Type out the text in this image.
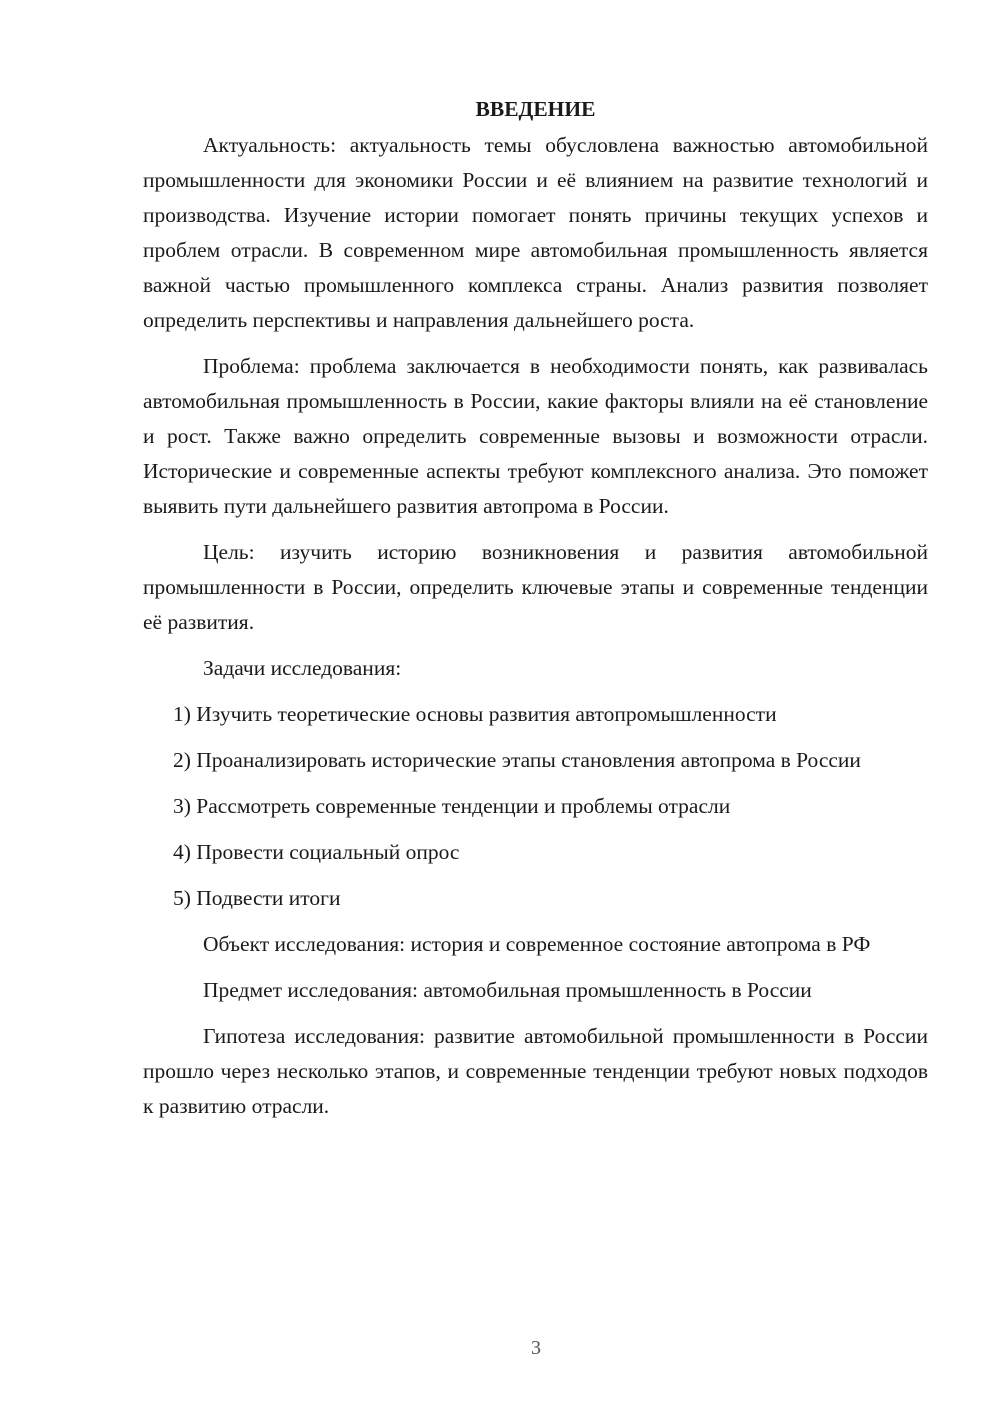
ВВЕДЕНИЕ

Актуальность: актуальность темы обусловлена важностью автомобильной промышленности для экономики России и её влиянием на развитие технологий и производства. Изучение истории помогает понять причины текущих успехов и проблем отрасли. В современном мире автомобильная промышленность является важной частью промышленного комплекса страны. Анализ развития позволяет определить перспективы и направления дальнейшего роста.

Проблема: проблема заключается в необходимости понять, как развивалась автомобильная промышленность в России, какие факторы влияли на её становление и рост. Также важно определить современные вызовы и возможности отрасли. Исторические и современные аспекты требуют комплексного анализа. Это поможет выявить пути дальнейшего развития автопрома в России.

Цель: изучить историю возникновения и развития автомобильной промышленности в России, определить ключевые этапы и современные тенденции её развития.

Задачи исследования:

1) Изучить теоретические основы развития автопромышленности

2) Проанализировать исторические этапы становления автопрома в России

3) Рассмотреть современные тенденции и проблемы отрасли

4) Провести социальный опрос

5) Подвести итоги

Объект исследования: история и современное состояние автопрома в РФ

Предмет исследования: автомобильная промышленность в России

Гипотеза исследования: развитие автомобильной промышленности в России прошло через несколько этапов, и современные тенденции требуют новых подходов к развитию отрасли.

3
